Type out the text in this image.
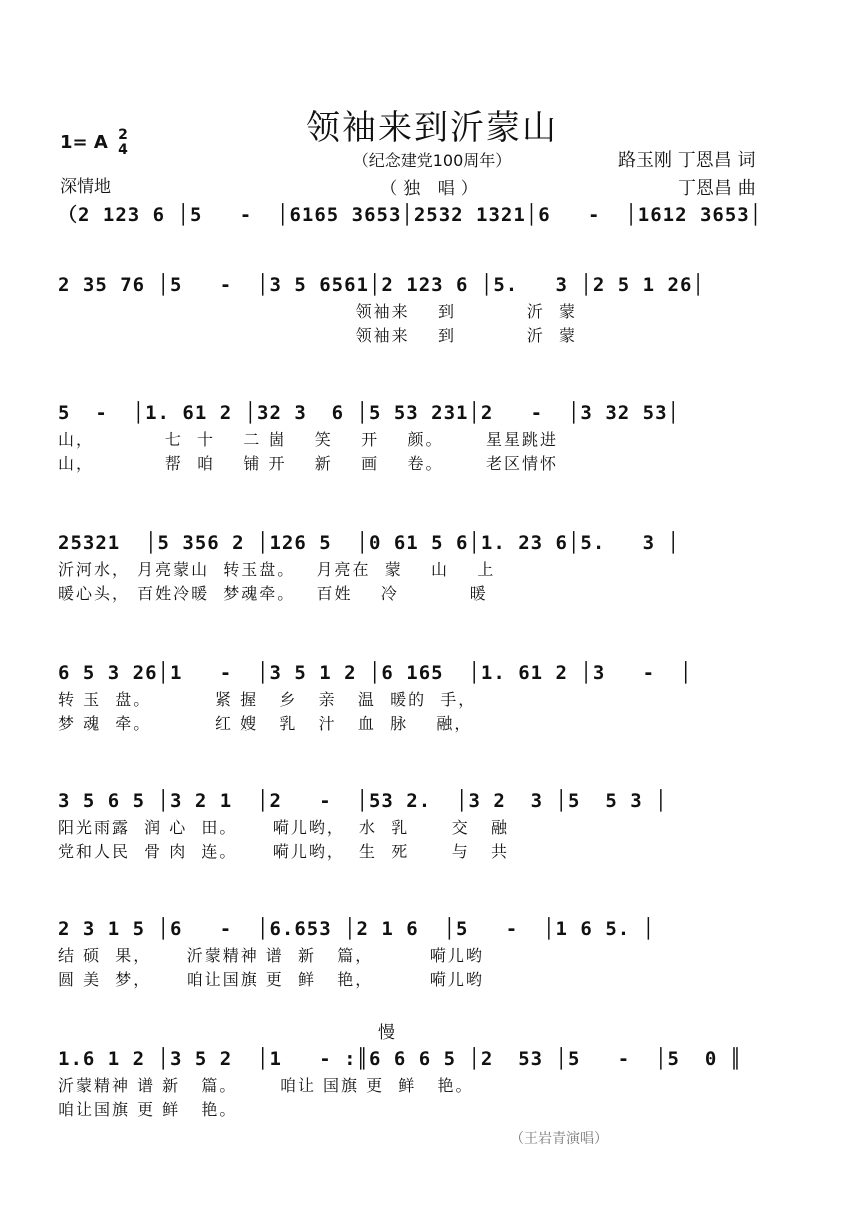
领袖来到沂蒙山
（纪念建党100周年）
（独 唱）
1= A 2
4
深情地
路玉刚 丁恩昌 词
丁恩昌 曲
（2 123 6 │5   -  │6165 3653│2532 1321│6   -  │1612 3653│
2 35 76 │5   -  │3 5 6561│2 123 6 │5.   3 │2 5 1 26│
领袖来    到          沂  蒙
领袖来    到          沂  蒙
5  -  │1. 61 2 │32 3  6 │5 53 231│2   -  │3 32 53│
山，          七  十    二 崮    笑    开    颜。      星星跳进
山，          帮  咱    铺 开    新    画    卷。      老区情怀
25321  │5 356 2 │126 5  │0 61 5 6│1. 23 6│5.   3 │
沂河水， 月亮蒙山  转玉盘。   月亮在  蒙    山    上
暖心头， 百姓冷暖  梦魂牵。   百姓    冷          暖
6 5 3 26│1   -  │3 5 1 2 │6 165  │1. 61 2 │3   -  │
转 玉  盘。         紧 握   乡   亲   温  暖的  手，
梦 魂  牵。         红 嫂   乳   汁   血  脉    融，
3 5 6 5 │3 2 1  │2   -  │53 2.  │3 2  3 │5  5 3 │
阳光雨露  润 心  田。     嗬儿哟，  水  乳      交   融
党和人民  骨 肉  连。     嗬儿哟，  生  死      与   共
2 3 1 5 │6   -  │6.653 │2 1 6  │5   -  │1 6 5. │
结 硕  果，     沂蒙精神 谱  新   篇，        嗬儿哟
圆 美  梦，     咱让国旗 更  鲜   艳，        嗬儿哟
慢
1.6 1 2 │3 5 2  │1   - :║6 6 6 5 │2  53 │5   -  │5  0 ║
沂蒙精神 谱 新   篇。      咱让 国旗 更  鲜   艳。
咱让国旗 更 鲜   艳。
（王岩青演唱）
